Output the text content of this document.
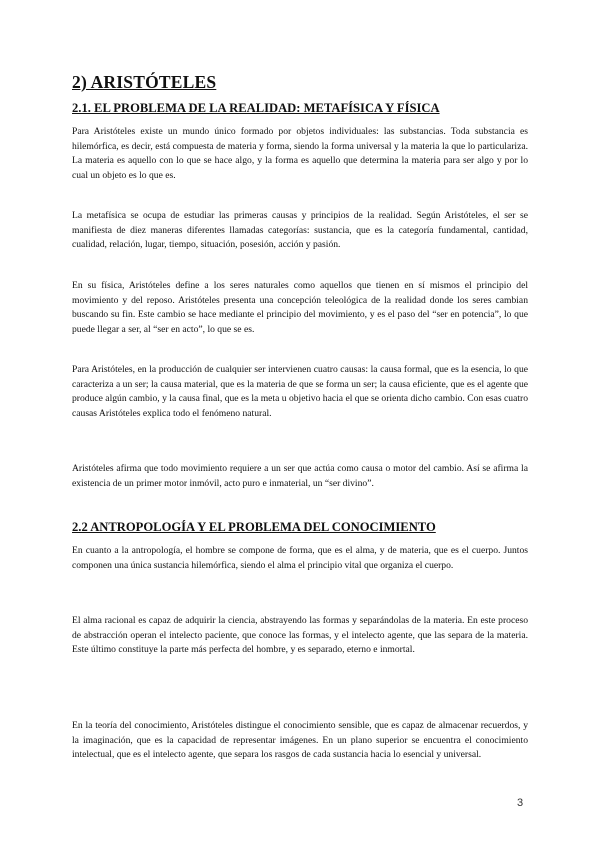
2) ARISTÓTELES
2.1. EL PROBLEMA DE LA REALIDAD: METAFÍSICA Y FÍSICA

Para Aristóteles existe un mundo único formado por objetos individuales: las substancias. Toda substancia es hilemórfica, es decir, está compuesta de materia y forma, siendo la forma universal y la materia la que lo particulariza. La materia es aquello con lo que se hace algo, y la forma es aquello que determina la materia para ser algo y por lo cual un objeto es lo que es.

La metafísica se ocupa de estudiar las primeras causas y principios de la realidad. Según Aristóteles, el ser se manifiesta de diez maneras diferentes llamadas categorías: sustancia, que es la categoría fundamental, cantidad, cualidad, relación, lugar, tiempo, situación, posesión, acción y pasión.

En su física, Aristóteles define a los seres naturales como aquellos que tienen en sí mismos el principio del movimiento y del reposo. Aristóteles presenta una concepción teleológica de la realidad donde los seres cambian buscando su fin. Este cambio se hace mediante el principio del movimiento, y es el paso del “ser en potencia”, lo que puede llegar a ser, al “ser en acto”, lo que se es.

Para Aristóteles, en la producción de cualquier ser intervienen cuatro causas: la causa formal, que es la esencia, lo que caracteriza a un ser; la causa material, que es la materia de que se forma un ser; la causa eficiente, que es el agente que produce algún cambio, y la causa final, que es la meta u objetivo hacia el que se orienta dicho cambio. Con esas cuatro causas Aristóteles explica todo el fenómeno natural.

Aristóteles afirma que todo movimiento requiere a un ser que actúa como causa o motor del cambio. Así se afirma la existencia de un primer motor inmóvil, acto puro e inmaterial, un “ser divino”.

2.2 ANTROPOLOGÍA Y EL PROBLEMA DEL CONOCIMIENTO

En cuanto a la antropología, el hombre se compone de forma, que es el alma, y de materia, que es el cuerpo. Juntos componen una única sustancia hilemórfica, siendo el alma el principio vital que organiza el cuerpo.

El alma racional es capaz de adquirir la ciencia, abstrayendo las formas y separándolas de la materia. En este proceso de abstracción operan el intelecto paciente, que conoce las formas, y el intelecto agente, que las separa de la materia. Este último constituye la parte más perfecta del hombre, y es separado, eterno e inmortal.

En la teoría del conocimiento, Aristóteles distingue el conocimiento sensible, que es capaz de almacenar recuerdos, y la imaginación, que es la capacidad de representar imágenes. En un plano superior se encuentra el conocimiento intelectual, que es el intelecto agente, que separa los rasgos de cada sustancia hacia lo esencial y universal.

3
